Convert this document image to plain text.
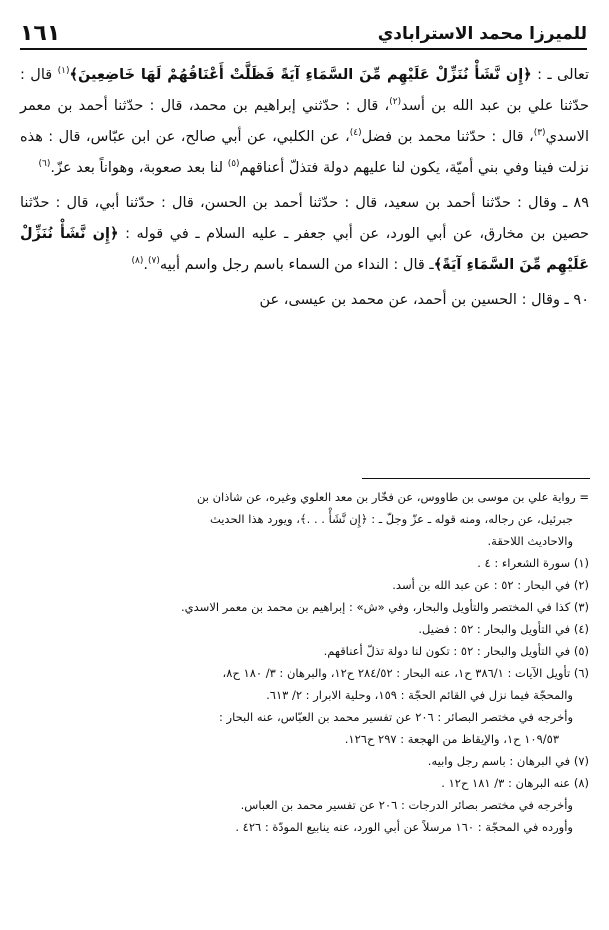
للميرزا محمد الاسترابادي
١٦١

تعالى ـ : ﴿إِن نَّشَأْ نُنَزِّلْ عَلَيْهِم مِّنَ السَّمَاءِ آيَةً فَظَلَّتْ أَعْنَاقُهُمْ لَهَا خَاضِعِينَ﴾$^{(١)}$ قال : حدّثنا علي بن عبد الله بن أسد$^{(٢)}$، قال : حدّثني إبراهيم بن محمد، قال : حدّثنا أحمد بن معمر الاسدي$^{(٣)}$، قال : حدّثنا محمد بن فضل$^{(٤)}$، عن الكلبي، عن أبي صالح، عن ابن عبّاس، قال : هذه نزلت فينا وفي بني أميّة، يكون لنا عليهم دولة فتذلّ أعناقهم$^{(٥)}$ لنا بعد صعوبة، وهواناً بعد عزّ.$^{(٦)}$

٨٩ ـ وقال : حدّثنا أحمد بن سعيد، قال : حدّثنا أحمد بن الحسن، قال : حدّثنا أبي، قال : حدّثنا حصين بن مخارق، عن أبي الورد، عن أبي جعفر ـ عليه السلام ـ في قوله : ﴿إِن نَّشَأْ نُنَزِّلْ عَلَيْهِم مِّنَ السَّمَاءِ آيَةً﴾ـ قال : النداء من السماء باسم رجل واسم أبيه$^{(٧)}$.$^{(٨)}$

٩٠ ـ وقال : الحسين بن أحمد، عن محمد بن عيسى، عن

= رواية علي بن موسى بن طاووس، عن فخّار بن معد العلوي وغيره، عن شاذان بن

جبرئيل، عن رجاله، ومنه قوله ـ عزّ وجلّ ـ : ﴿إِن نَّشَأْ . . .﴾، ويورد هذا الحديث

والاحاديث اللاحقة.

(١) سورة الشعراء : ٤ .

(٢) في البحار : ٥٢ : عن عبد الله بن أسد.

(٣) كذا في المختصر والتأويل والبحار، وفي «ش» : إبراهيم بن محمد بن معمر الاسدي.

(٤) في التأويل والبحار : ٥٢ : فضيل.

(٥) في التأويل والبحار : ٥٢ : تكون لنا دولة تذلّ أعناقهم.

(٦) تأويل الآيات : ٣٨٦/١ ح١، عنه البحار : ٢٨٤/٥٢ ح١٢، والبرهان : ٣/ ١٨٠ ح٨،

والمحجّة فيما نزل في القائم الحجّة : ١٥٩، وحلية الابرار : ٢/ ٦١٣.

وأخرجه في مختصر البصائر : ٢٠٦ عن تفسير محمد بن العبّاس، عنه البحار :

١٠٩/٥٣ ح١، والإيقاظ من الهجعة : ٢٩٧ ح١٢٦.

(٧) في البرهان : باسم رجل وابيه.

(٨) عنه البرهان : ٣/ ١٨١ ح١٢ .

وأخرجه في مختصر بصائر الدرجات : ٢٠٦ عن تفسير محمد بن العباس.

وأورده في المحجّة : ١٦٠ مرسلاً عن أبي الورد، عنه ينابيع المودّة : ٤٢٦ .
